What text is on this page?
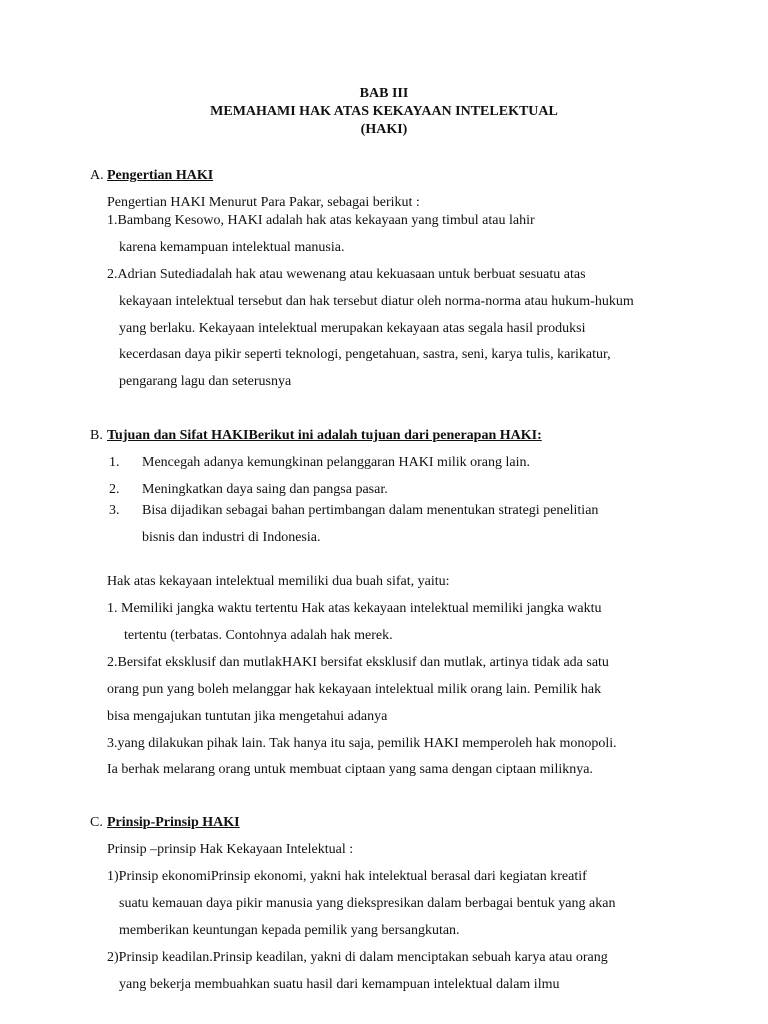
BAB III
MEMAHAMI HAK ATAS KEKAYAAN INTELEKTUAL
(HAKI)
A. Pengertian HAKI
Pengertian HAKI Menurut Para Pakar, sebagai berikut :
1.Bambang Kesowo, HAKI adalah hak atas kekayaan yang timbul atau lahir
karena kemampuan intelektual manusia.
2.Adrian Sutediadalah hak atau wewenang atau kekuasaan untuk berbuat sesuatu atas
kekayaan intelektual tersebut dan hak tersebut diatur oleh norma-norma atau hukum-hukum
yang berlaku. Kekayaan intelektual merupakan kekayaan atas segala hasil produksi
kecerdasan daya pikir seperti teknologi, pengetahuan, sastra, seni, karya tulis, karikatur,
pengarang lagu dan seterusnya
B. Tujuan dan Sifat HAKIBerikut ini adalah tujuan dari penerapan HAKI:
1. Mencegah adanya kemungkinan pelanggaran HAKI milik orang lain.
2. Meningkatkan daya saing dan pangsa pasar.
3. Bisa dijadikan sebagai bahan pertimbangan dalam menentukan strategi penelitian
bisnis dan industri di Indonesia.
Hak atas kekayaan intelektual memiliki dua buah sifat, yaitu:
1. Memiliki jangka waktu tertentu Hak atas kekayaan intelektual memiliki jangka waktu
tertentu (terbatas. Contohnya adalah hak merek.
2.Bersifat eksklusif dan mutlakHAKI bersifat eksklusif dan mutlak, artinya tidak ada satu
orang pun yang boleh melanggar hak kekayaan intelektual milik orang lain. Pemilik hak
bisa mengajukan tuntutan jika mengetahui adanya
3.yang dilakukan pihak lain. Tak hanya itu saja, pemilik HAKI memperoleh hak monopoli.
Ia berhak melarang orang untuk membuat ciptaan yang sama dengan ciptaan miliknya.
C. Prinsip-Prinsip HAKI
Prinsip –prinsip Hak Kekayaan Intelektual :
1)Prinsip ekonomiPrinsip ekonomi, yakni hak intelektual berasal dari kegiatan kreatif
suatu kemauan daya pikir manusia yang diekspresikan dalam berbagai bentuk yang akan
memberikan keuntungan kepada pemilik yang bersangkutan.
2)Prinsip keadilan.Prinsip keadilan, yakni di dalam menciptakan sebuah karya atau orang
yang bekerja membuahkan suatu hasil dari kemampuan intelektual dalam ilmu
